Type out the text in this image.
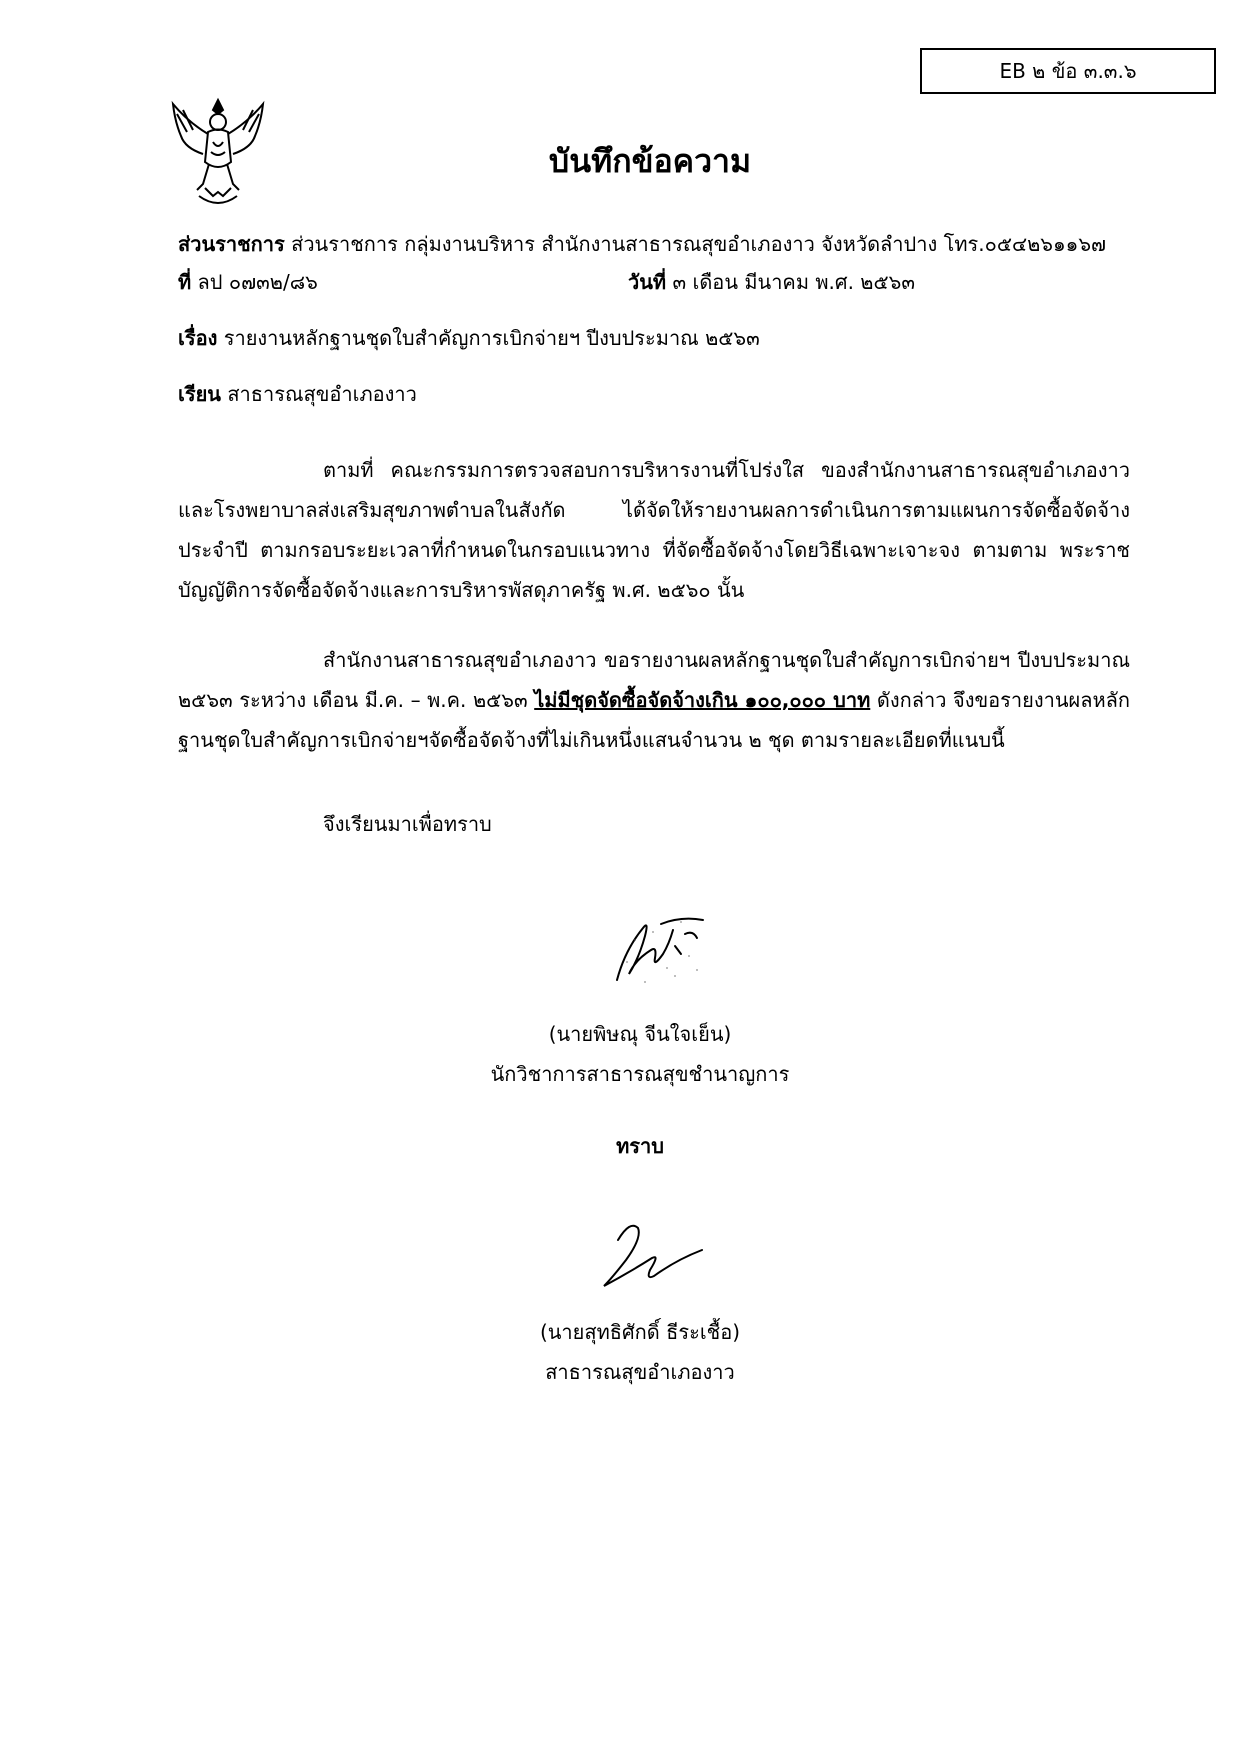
EB ๒ ข้อ ๓.๓.๖
บันทึกข้อความ
ส่วนราชการ ส่วนราชการ กลุ่มงานบริหาร สำนักงานสาธารณสุขอำเภองาว จังหวัดลำปาง โทร.๐๕๔๒๖๑๑๖๗
ที่ ลป ๐๗๓๒/๘๖	วันที่ ๓ เดือน มีนาคม พ.ศ. ๒๕๖๓
เรื่อง รายงานหลักฐานชุดใบสำคัญการเบิกจ่ายฯ ปีงบประมาณ ๒๕๖๓
เรียน สาธารณสุขอำเภองาว
ตามที่ คณะกรรมการตรวจสอบการบริหารงานที่โปร่งใส ของสำนักงานสาธารณสุขอำเภองาว และโรงพยาบาลส่งเสริมสุขภาพตำบลในสังกัด ได้จัดให้รายงานผลการดำเนินการตามแผนการจัดซื้อจัดจ้างประจำปี ตามกรอบระยะเวลาที่กำหนดในกรอบแนวทาง ที่จัดซื้อจัดจ้างโดยวิธีเฉพาะเจาะจง ตามตาม พระราชบัญญัติการจัดซื้อจัดจ้างและการบริหารพัสดุภาครัฐ พ.ศ. ๒๕๖๐ นั้น
สำนักงานสาธารณสุขอำเภองาว ขอรายงานผลหลักฐานชุดใบสำคัญการเบิกจ่ายฯ ปีงบประมาณ ๒๕๖๓ ระหว่าง เดือน มี.ค. – พ.ค. ๒๕๖๓ ไม่มีชุดจัดซื้อจัดจ้างเกิน ๑๐๐,๐๐๐ บาท ดังกล่าว จึงขอรายงานผลหลักฐานชุดใบสำคัญการเบิกจ่ายฯจัดซื้อจัดจ้างที่ไม่เกินหนึ่งแสนจำนวน ๒ ชุด ตามรายละเอียดที่แนบนี้
จึงเรียนมาเพื่อทราบ
(นายพิษณุ จีนใจเย็น)
นักวิชาการสาธารณสุขชำนาญการ
ทราบ
(นายสุทธิศักดิ์ ธีระเชื้อ)
สาธารณสุขอำเภองาว
